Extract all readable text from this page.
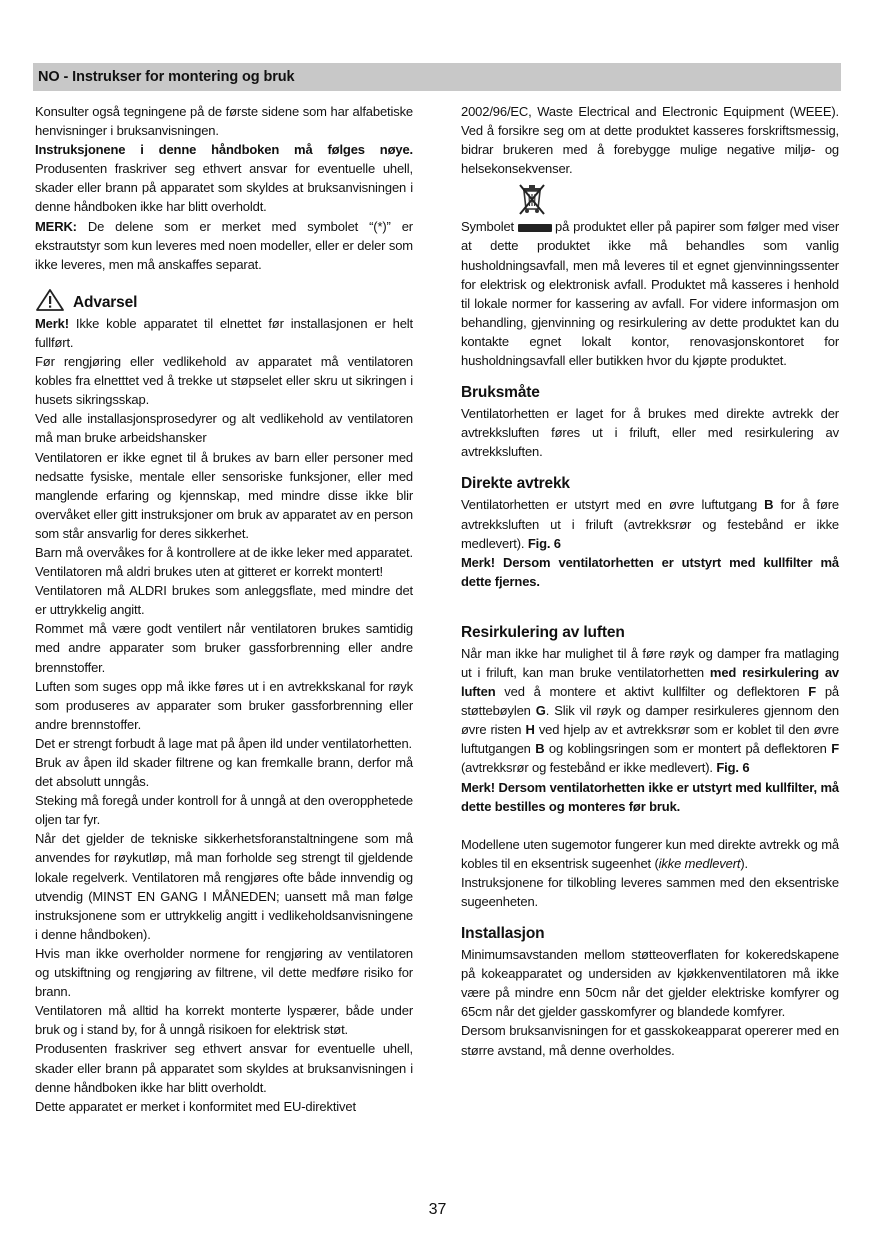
NO - Instrukser for montering og bruk

Konsulter også tegningene på de første sidene som har alfabetiske henvisninger i bruksanvisningen.

Instruksjonene i denne håndboken må følges nøye. Produsenten fraskriver seg ethvert ansvar for eventuelle uhell, skader eller brann på apparatet som skyldes at bruksanvisningen i denne håndboken ikke har blitt overholdt.

MERK: De delene som er merket med symbolet “(*)” er ekstrautstyr som kun leveres med noen modeller, eller er deler som ikke leveres, men må anskaffes separat.

Advarsel

Merk! Ikke koble apparatet til elnettet før installasjonen er helt fullført.

Før rengjøring eller vedlikehold av apparatet må ventilatoren kobles fra elnetttet ved å trekke ut støpselet eller skru ut sikringen i husets sikringsskap.

Ved alle installasjonsprosedyrer og alt vedlikehold av ventilatoren må man bruke arbeidshansker

Ventilatoren er ikke egnet til å brukes av barn eller personer med nedsatte fysiske, mentale eller sensoriske funksjoner, eller med manglende erfaring og kjennskap, med mindre disse ikke blir overvåket eller gitt instruksjoner om bruk av apparatet av en person som står ansvarlig for deres sikkerhet.

Barn må overvåkes for å kontrollere at de ikke leker med apparatet.

Ventilatoren må aldri brukes uten at gitteret er korrekt montert!

Ventilatoren må ALDRI brukes som anleggsflate, med mindre det er uttrykkelig angitt.

Rommet må være godt ventilert når ventilatoren brukes samtidig med andre apparater som bruker gassforbrenning eller andre brennstoffer.

Luften som suges opp må ikke føres ut i en avtrekkskanal for røyk som produseres av apparater som bruker gassforbrenning eller andre brennstoffer.

Det er strengt forbudt å lage mat på åpen ild under ventilatorhetten.

Bruk av åpen ild skader filtrene og kan fremkalle brann, derfor må det absolutt unngås.

Steking må foregå under kontroll for å unngå at den overopphetede oljen tar fyr.

Når det gjelder de tekniske sikkerhetsforanstaltningene som må anvendes for røykutløp, må man forholde seg strengt til gjeldende lokale regelverk. Ventilatoren må rengjøres ofte både innvendig og utvendig (MINST EN GANG I MÅNEDEN; uansett må man følge instruksjonene som er uttrykkelig angitt i vedlikeholdsanvisningene i denne håndboken).

Hvis man ikke overholder normene for rengjøring av ventilatoren og utskiftning og rengjøring av filtrene, vil dette medføre risiko for brann.

Ventilatoren må alltid ha korrekt monterte lyspærer, både under bruk og i stand by, for å unngå risikoen for elektrisk støt.

Produsenten fraskriver seg ethvert ansvar for eventuelle uhell, skader eller brann på apparatet som skyldes at bruksanvisningen i denne håndboken ikke har blitt overholdt.

Dette apparatet er merket i konformitet med EU-direktivet

2002/96/EC, Waste Electrical and Electronic Equipment (WEEE). Ved å forsikre seg om at dette produktet kasseres forskriftsmessig, bidrar brukeren med å forebygge mulige negative miljø- og helsekonsekvenser.

Symbolet	på produktet eller på papirer som følger med viser at dette produktet ikke må behandles som vanlig husholdningsavfall, men må leveres til et egnet gjenvinningssenter for elektrisk og elektronisk avfall. Produktet må kasseres i henhold til lokale normer for kassering av avfall. For videre informasjon om behandling, gjenvinning og resirkulering av dette produktet kan du kontakte egnet lokalt kontor, renovasjonskontoret for husholdningsavfall eller butikken hvor du kjøpte produktet.

Bruksmåte

Ventilatorhetten er laget for å brukes med direkte avtrekk der avtrekksluften føres ut i friluft, eller med resirkulering av avtrekksluften.

Direkte avtrekk

Ventilatorhetten er utstyrt med en øvre luftutgang B for å føre avtrekksluften ut i friluft (avtrekksrør og festebånd er ikke medlevert). Fig. 6

Merk! Dersom ventilatorhetten er utstyrt med kullfilter må dette fjernes.

Resirkulering av luften

Når man ikke har mulighet til å føre røyk og damper fra matlaging ut i friluft, kan man bruke ventilatorhetten med resirkulering av luften ved å montere et aktivt kullfilter og deflektoren F på støttebøylen G. Slik vil røyk og damper resirkuleres gjennom den øvre risten H ved hjelp av et avtrekksrør som er koblet til den øvre luftutgangen B og koblingsringen som er montert på deflektoren F (avtrekksrør og festebånd er ikke medlevert). Fig. 6

Merk! Dersom ventilatorhetten ikke er utstyrt med kullfilter, må dette bestilles og monteres før bruk.

Modellene uten sugemotor fungerer kun med direkte avtrekk og må kobles til en eksentrisk sugeenhet (ikke medlevert).

Instruksjonene for tilkobling leveres sammen med den eksentriske sugeenheten.

Installasjon

Minimumsavstanden mellom støtteoverflaten for kokeredskapene på kokeapparatet og undersiden av kjøkkenventilatoren må ikke være på mindre enn 50cm når det gjelder elektriske komfyrer og 65cm når det gjelder gasskomfyrer og blandede komfyrer.

Dersom bruksanvisningen for et gasskokeapparat opererer med en større avstand, må denne overholdes.

37
